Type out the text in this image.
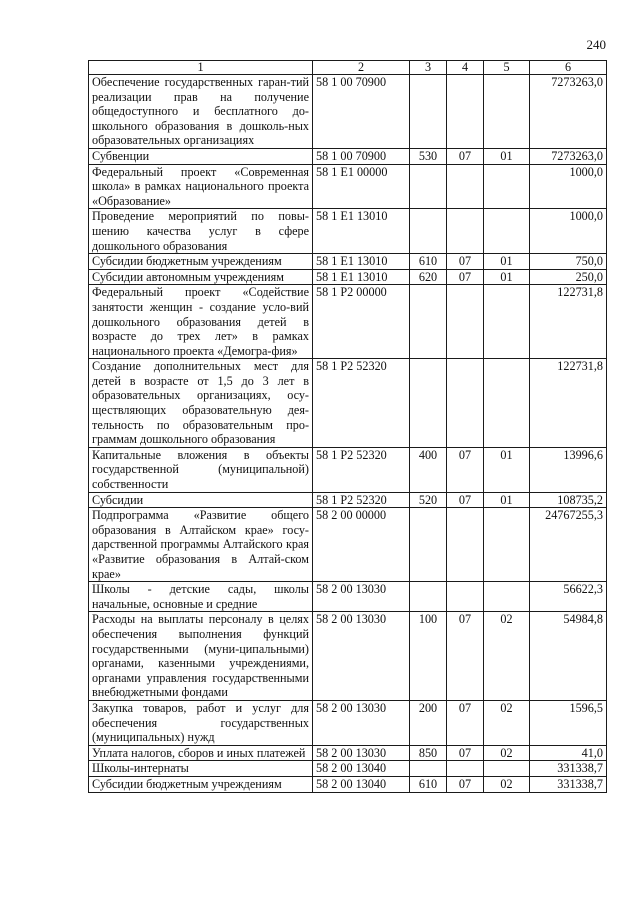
240
1	2	3	4	5	6
Обеспечение государственных гаран-тий реализации прав на получение общедоступного и бесплатного до-школьного образования в дошколь-ных образовательных организациях	58 1 00 70900				7273263,0
Субвенции	58 1 00 70900	530	07	01	7273263,0
Федеральный проект «Современная школа» в рамках национального проекта «Образование»	58 1 E1 00000				1000,0
Проведение мероприятий по повы-шению качества услуг в сфере дошкольного образования	58 1 E1 13010				1000,0
Субсидии бюджетным учреждениям	58 1 E1 13010	610	07	01	750,0
Субсидии автономным учреждениям	58 1 E1 13010	620	07	01	250,0
Федеральный проект «Содействие занятости женщин - создание усло-вий дошкольного образования детей в возрасте до трех лет» в рамках национального проекта «Демогра-фия»	58 1 P2 00000				122731,8
Создание дополнительных мест для детей в возрасте от 1,5 до 3 лет в образовательных организациях, осу-ществляющих образовательную дея-тельность по образовательным про-граммам дошкольного образования	58 1 P2 52320				122731,8
Капитальные вложения в объекты государственной (муниципальной) собственности	58 1 P2 52320	400	07	01	13996,6
Субсидии	58 1 P2 52320	520	07	01	108735,2
Подпрограмма «Развитие общего образования в Алтайском крае» госу-дарственной программы Алтайского края «Развитие образования в Алтай-ском крае»	58 2 00 00000				24767255,3
Школы - детские сады, школы начальные, основные и средние	58 2 00 13030				56622,3
Расходы на выплаты персоналу в целях обеспечения выполнения функций государственными (муни-ципальными) органами, казенными учреждениями, органами управления государственными внебюджетными фондами	58 2 00 13030	100	07	02	54984,8
Закупка товаров, работ и услуг для обеспечения государственных (муниципальных) нужд	58 2 00 13030	200	07	02	1596,5
Уплата налогов, сборов и иных платежей	58 2 00 13030	850	07	02	41,0
Школы-интернаты	58 2 00 13040				331338,7
Субсидии бюджетным учреждениям	58 2 00 13040	610	07	02	331338,7
